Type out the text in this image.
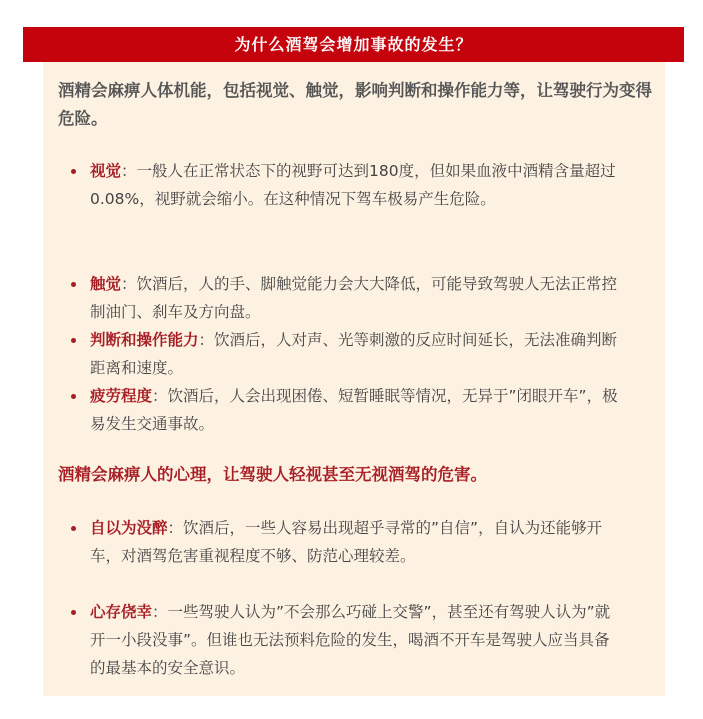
为什么酒驾会增加事故的发生？

酒精会麻痹人体机能，包括视觉、触觉，影响判断和操作能力等，让驾驶行为变得危险。

视觉：一般人在正常状态下的视野可达到180度，但如果血液中酒精含量超过0.08%，视野就会缩小。在这种情况下驾车极易产生危险。
触觉：饮酒后，人的手、脚触觉能力会大大降低，可能导致驾驶人无法正常控制油门、刹车及方向盘。
判断和操作能力：饮酒后，人对声、光等刺激的反应时间延长，无法准确判断距离和速度。
疲劳程度：饮酒后，人会出现困倦、短暂睡眠等情况，无异于”闭眼开车”，极易发生交通事故。

酒精会麻痹人的心理，让驾驶人轻视甚至无视酒驾的危害。

自以为没醉：饮酒后，一些人容易出现超乎寻常的”自信”，自认为还能够开车，对酒驾危害重视程度不够、防范心理较差。
心存侥幸：一些驾驶人认为”不会那么巧碰上交警”，甚至还有驾驶人认为”就开一小段没事”。但谁也无法预料危险的发生，喝酒不开车是驾驶人应当具备的最基本的安全意识。
